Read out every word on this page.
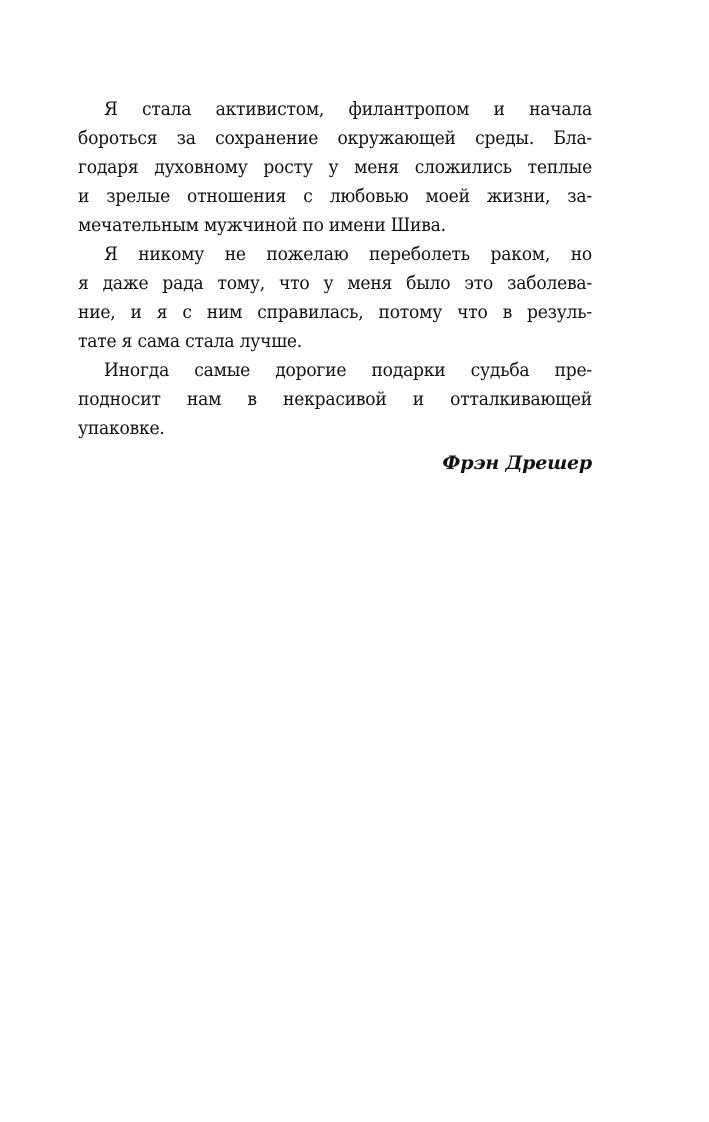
Я стала активистом, филантропом и начала
бороться за сохранение окружающей среды. Бла-
годаря духовному росту у меня сложились теплые
и зрелые отношения с любовью моей жизни, за-
мечательным мужчиной по имени Шива.
Я никому не пожелаю переболеть раком, но
я даже рада тому, что у меня было это заболева-
ние, и я с ним справилась, потому что в резуль-
тате я сама стала лучше.
Иногда самые дорогие подарки судьба пре-
подносит нам в некрасивой и отталкивающей
упаковке.
Фрэн Дрешер
